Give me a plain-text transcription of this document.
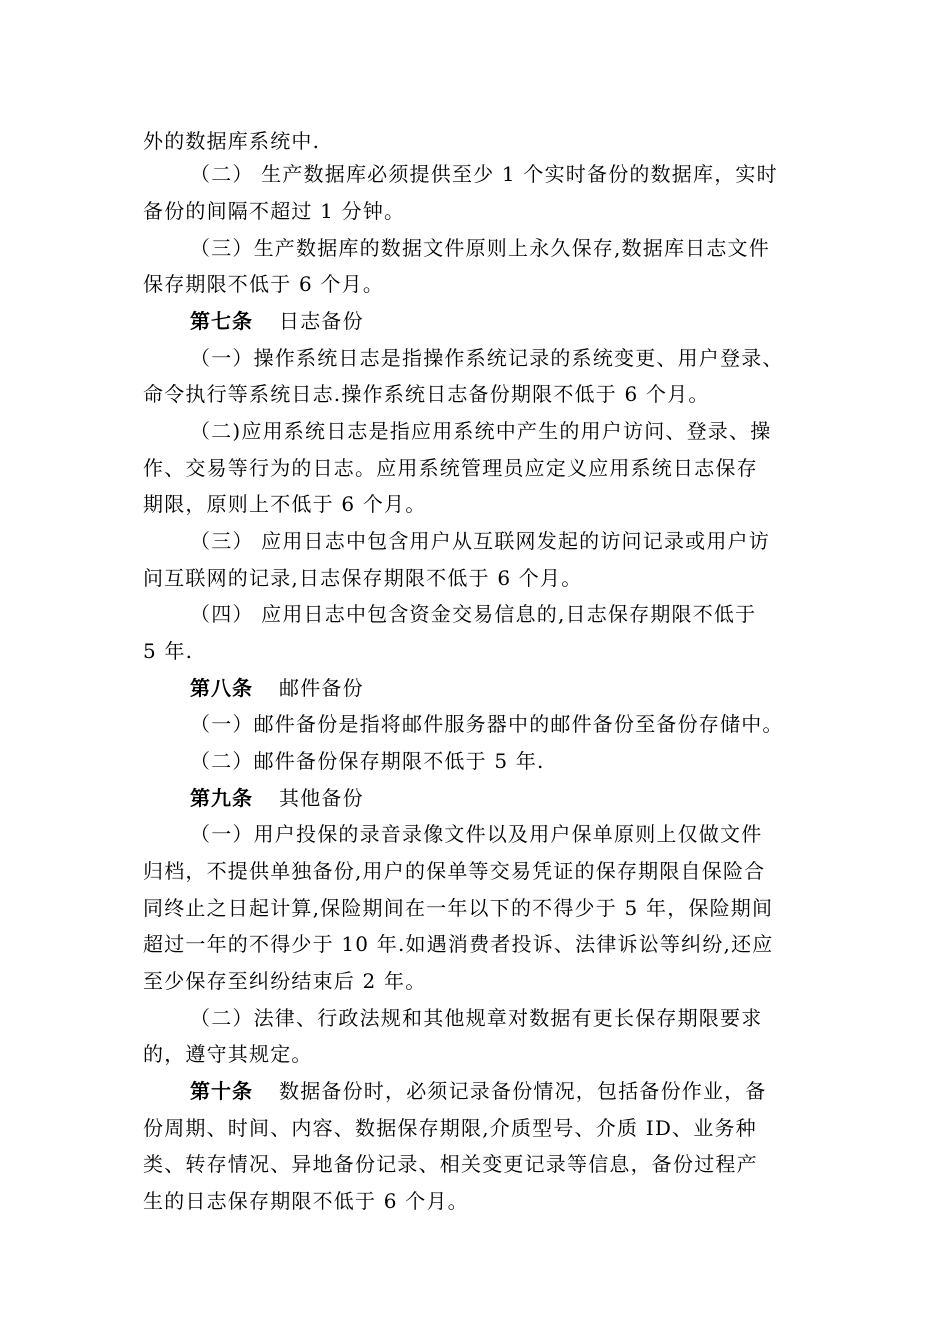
外的数据库系统中.
（二） 生产数据库必须提供至少 1 个实时备份的数据库，实时
备份的间隔不超过 1 分钟。
（三）生产数据库的数据文件原则上永久保存,数据库日志文件
保存期限不低于 6 个月。
第七条 日志备份
（一）操作系统日志是指操作系统记录的系统变更、用户登录、
命令执行等系统日志.操作系统日志备份期限不低于 6 个月。
（二)应用系统日志是指应用系统中产生的用户访问、登录、操
作、交易等行为的日志。应用系统管理员应定义应用系统日志保存
期限，原则上不低于 6 个月。
（三） 应用日志中包含用户从互联网发起的访问记录或用户访
问互联网的记录,日志保存期限不低于 6 个月。
（四） 应用日志中包含资金交易信息的,日志保存期限不低于
5 年.
第八条 邮件备份
（一）邮件备份是指将邮件服务器中的邮件备份至备份存储中。
（二）邮件备份保存期限不低于 5 年.
第九条 其他备份
（一）用户投保的录音录像文件以及用户保单原则上仅做文件
归档，不提供单独备份,用户的保单等交易凭证的保存期限自保险合
同终止之日起计算,保险期间在一年以下的不得少于 5 年，保险期间
超过一年的不得少于 10 年.如遇消费者投诉、法律诉讼等纠纷,还应
至少保存至纠纷结束后 2 年。
（二）法律、行政法规和其他规章对数据有更长保存期限要求
的，遵守其规定。
第十条 数据备份时，必须记录备份情况，包括备份作业，备
份周期、时间、内容、数据保存期限,介质型号、介质 ID、业务种
类、转存情况、异地备份记录、相关变更记录等信息，备份过程产
生的日志保存期限不低于 6 个月。
